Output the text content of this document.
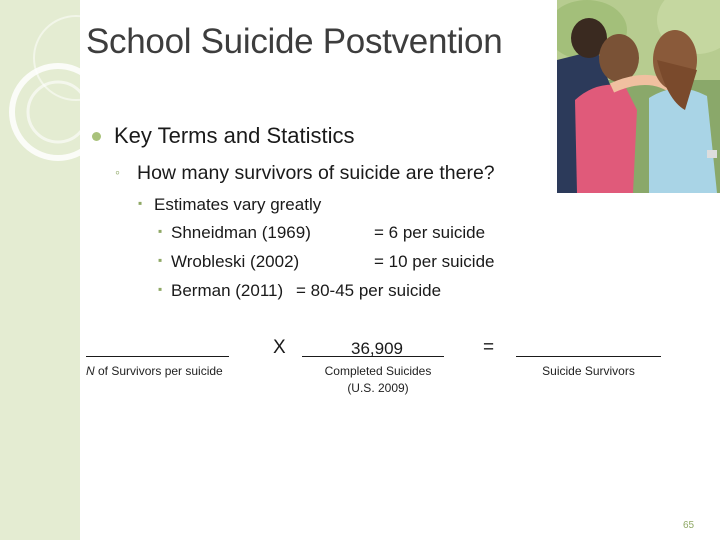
School Suicide Postvention
Key Terms and Statistics
◦ How many survivors of suicide are there?
▪ Estimates vary greatly
▪ Shneidman (1969)	= 6 per suicide
▪ Wrobleski (2002)	= 10 per suicide
▪ Berman (2011) = 80-45 per suicide
X	36,909	=
N of Survivors per suicide	Completed Suicides
(U.S. 2009)
Suicide Survivors
65
